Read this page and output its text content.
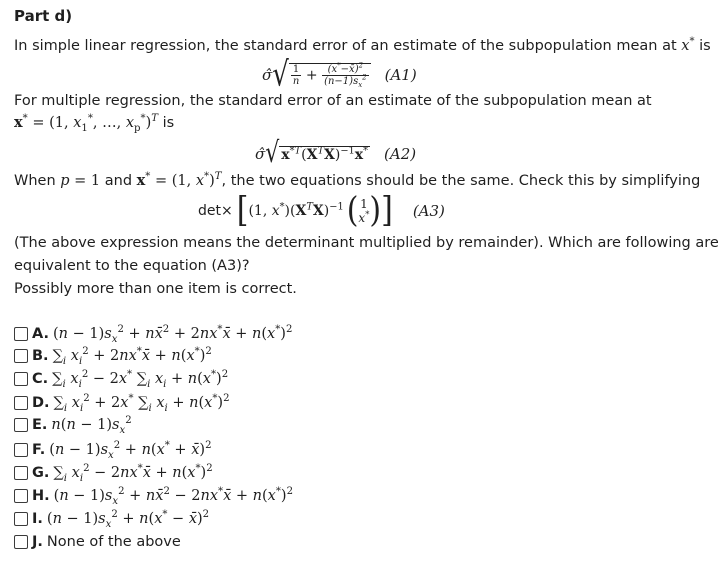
Part d)
In simple linear regression, the standard error of an estimate of the subpopulation mean at x* is
σ̂ √ $\frac{1}{n} + \frac{(x^*-x̄)^2}{(n-1)s_x^2} (A1)$
For multiple regression, the standard error of an estimate of the subpopulation mean at
x* = (1, $x_1^*$, …, $x_p^*)^T$ is
σ̂ √ $x^{*T}(X^TX)^{-1}x^*$ (A2)
When p = 1 and x* = (1, x*)$^T$, the two equations should be the same. Check this by simplifying
det× [ (1, $x^*)(X^TX)^{-1}$ ( 1
x* ) ] (A3)
(The above expression means the determinant multiplied by remainder). Which are following are
equivalent to the equation (A3)?
Possibly more than one item is correct.
A. $(n - 1)s_x^2$ + nx̄$^2$ + 2nx*x̄ + $n(x^*)^2$
B. $\sum_i$ $x_i^2$ + 2nx*x̄ + $n(x^*)^2$
C. $\sum_i$ $x_i^2 - 2x^*$ $\sum_i$ $x_i + n(x^*)^2$
D. $\sum_i$ $x_i^2 + 2x^*$ $\sum_i$ $x_i + n(x^*)^2$
E. $n(n - 1)s_x^2$
F. $(n - 1)s_x^2 + n(x^*$ + x̄)$^2$
G. $\sum_i$ $x_i^2$ − 2nx*x̄ + $n(x^*)^2$
H. $(n - 1)s_x^2$ + nx̄$^2$ − 2nx*x̄ + $n(x^*)^2$
I. $(n - 1)s_x^2 + n(x^*$ − x̄)$^2$
J. None of the above
